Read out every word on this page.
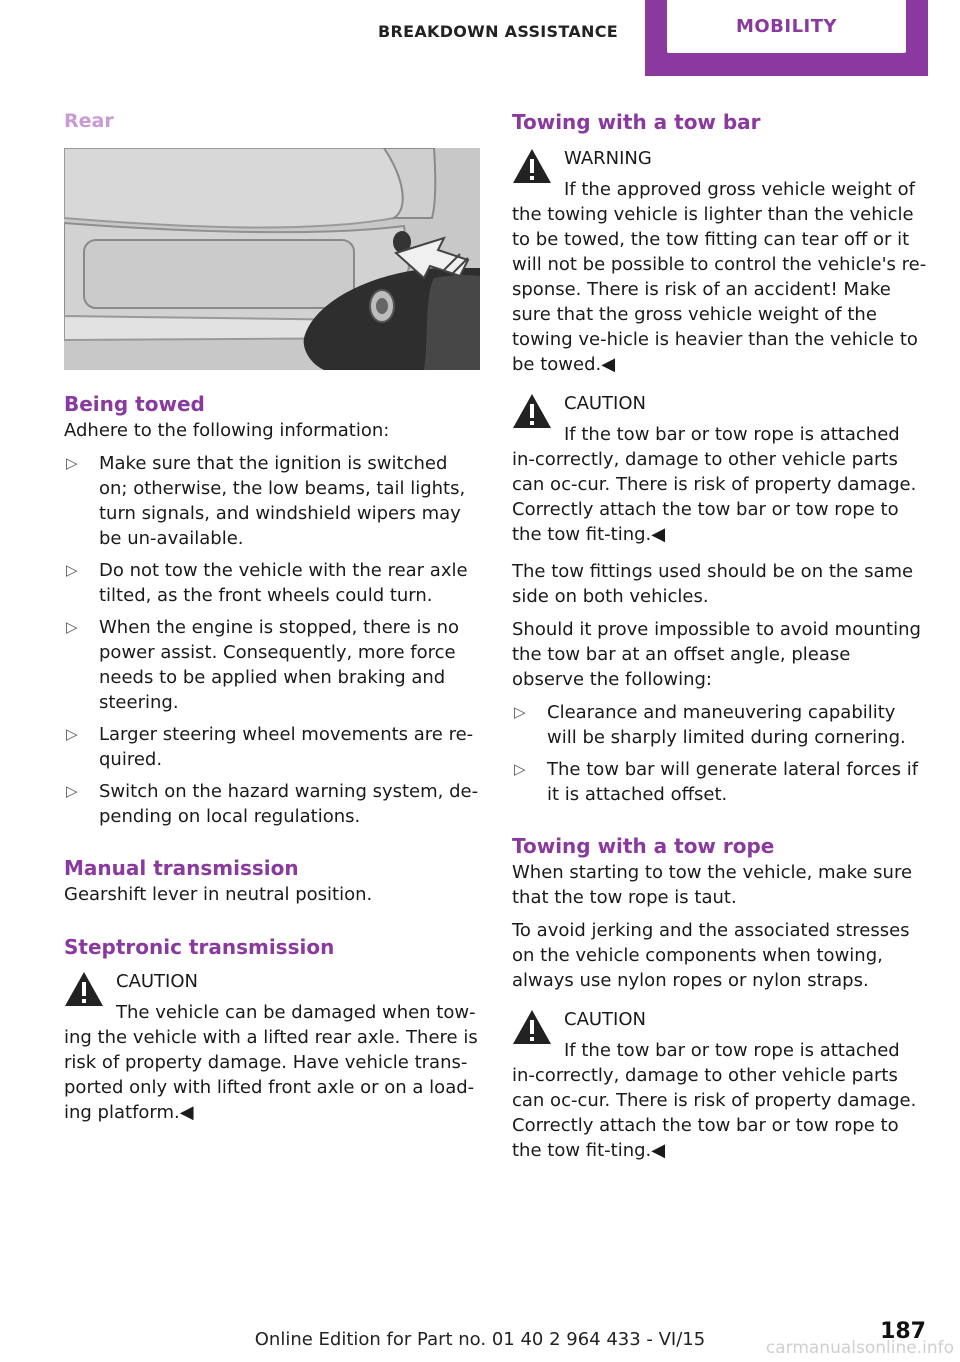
BREAKDOWN ASSISTANCE	MOBILITY
Rear
Being towed

Adhere to the following information:

▷ Make sure that the ignition is switched on; otherwise, the low beams, tail lights, turn signals, and windshield wipers may be un‐available.
▷ Do not tow the vehicle with the rear axle tilted, as the front wheels could turn.
▷ When the engine is stopped, there is no power assist. Consequently, more force needs to be applied when braking and steering.
▷ Larger steering wheel movements are re‐quired.
▷ Switch on the hazard warning system, de‐pending on local regulations.
Manual transmission

Gearshift lever in neutral position.

Steptronic transmission
CAUTION

The vehicle can be damaged when tow‐ing the vehicle with a lifted rear axle. There is risk of property damage. Have vehicle trans‐ported only with lifted front axle or on a load‐ing platform.◀

Towing with a tow bar
WARNING

If the approved gross vehicle weight of the towing vehicle is lighter than the vehicle to be towed, the tow fitting can tear off or it will not be possible to control the vehicle's re‐sponse. There is risk of an accident! Make sure that the gross vehicle weight of the towing ve‐hicle is heavier than the vehicle to be towed.◀

CAUTION

If the tow bar or tow rope is attached in‐correctly, damage to other vehicle parts can oc‐cur. There is risk of property damage. Correctly attach the tow bar or tow rope to the tow fit‐ting.◀

The tow fittings used should be on the same side on both vehicles.

Should it prove impossible to avoid mounting the tow bar at an offset angle, please observe the following:

▷ Clearance and maneuvering capability will be sharply limited during cornering.
▷ The tow bar will generate lateral forces if it is attached offset.
Towing with a tow rope

When starting to tow the vehicle, make sure that the tow rope is taut.

To avoid jerking and the associated stresses on the vehicle components when towing, always use nylon ropes or nylon straps.

CAUTION

If the tow bar or tow rope is attached in‐correctly, damage to other vehicle parts can oc‐cur. There is risk of property damage. Correctly attach the tow bar or tow rope to the tow fit‐ting.◀

187
Online Edition for Part no. 01 40 2 964 433 - VI/15	carmanualsonline.info
